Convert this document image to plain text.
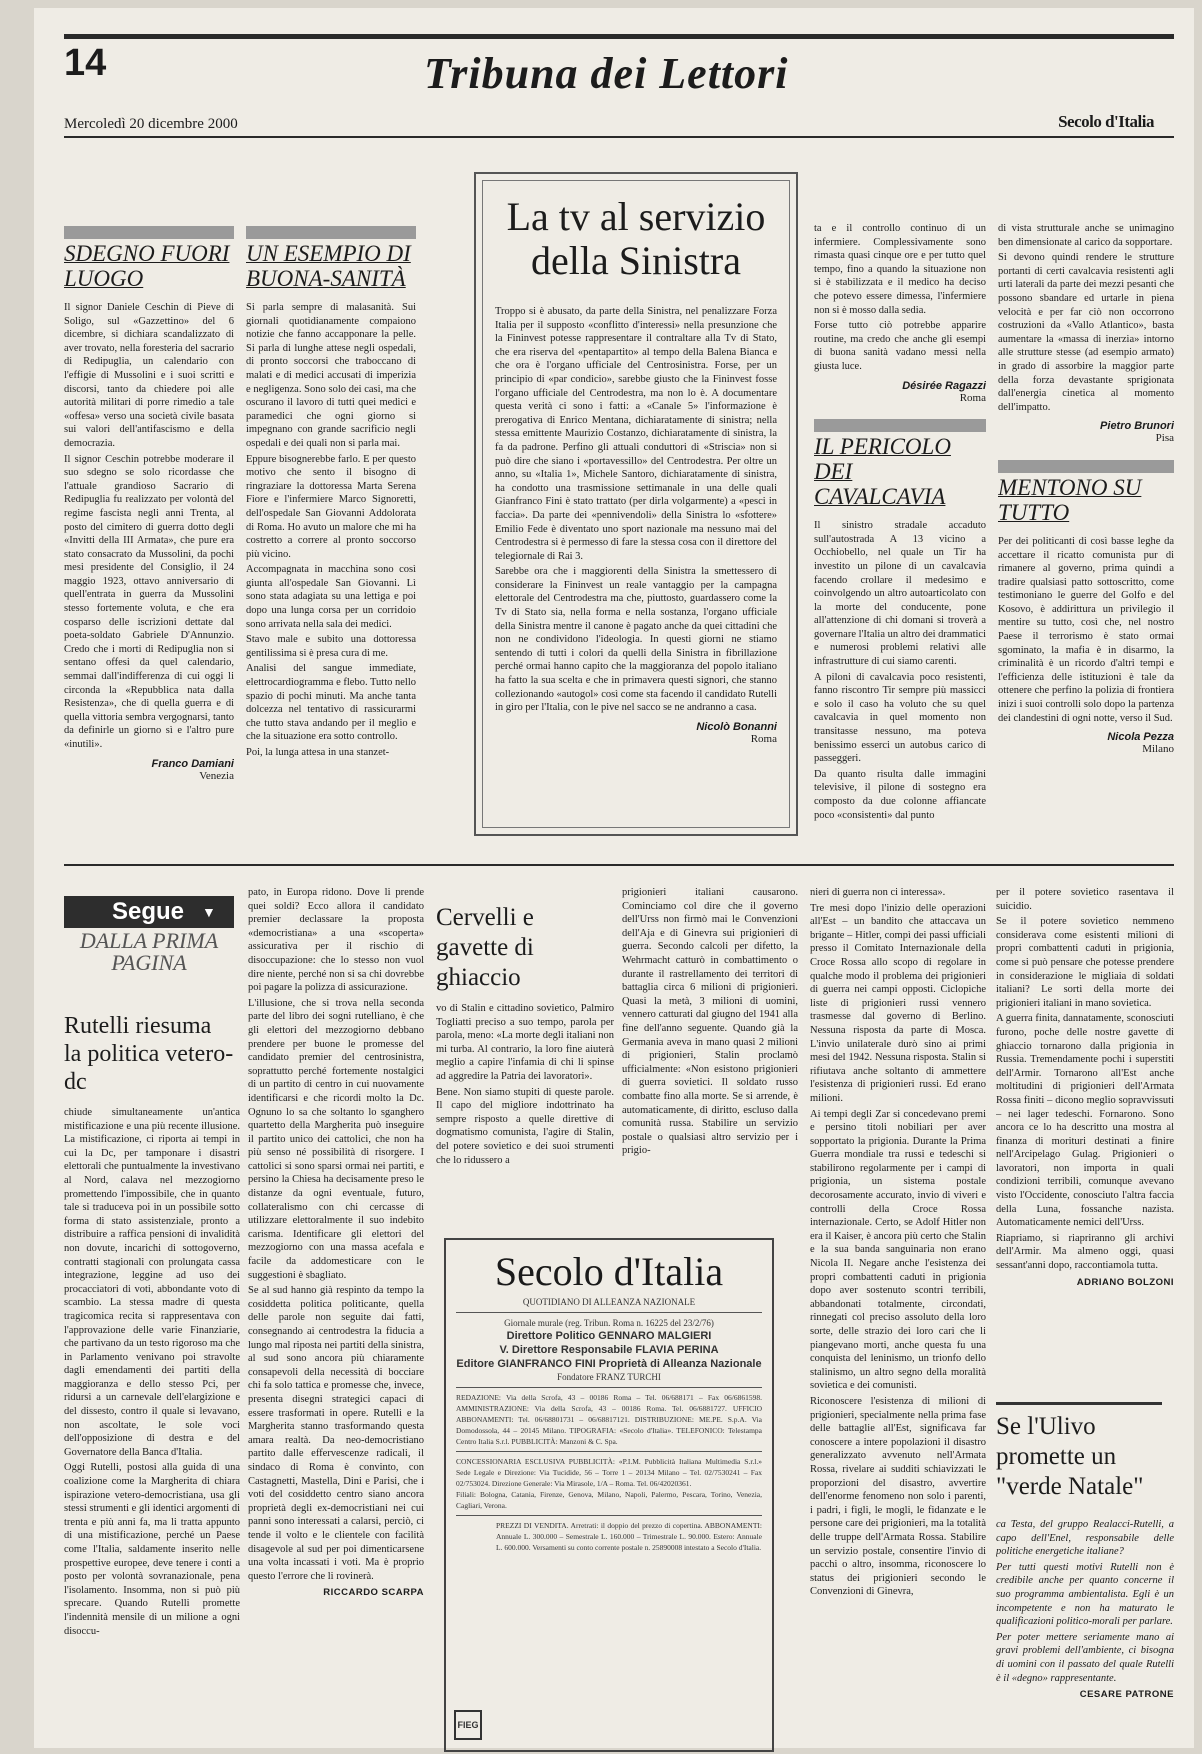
14	Tribuna dei Lettori
Mercoledì 20 dicembre 2000	Secolo d'Italia
SDEGNO FUORI LUOGO

Il signor Daniele Ceschin di Pieve di Soligo, sul «Gazzettino» del 6 dicembre, si dichiara scandalizzato di aver trovato, nella foresteria del sacrario di Redipuglia, un calendario con l'effigie di Mussolini e i suoi scritti e discorsi, tanto da chiedere poi alle autorità militari di porre rimedio a tale «offesa» verso una società civile basata sui valori dell'antifascismo e della democrazia.

Il signor Ceschin potrebbe moderare il suo sdegno se solo ricordasse che l'attuale grandioso Sacrario di Redipuglia fu realizzato per volontà del regime fascista negli anni Trenta, al posto del cimitero di guerra dotto degli «Invitti della III Armata», che pure era stato consacrato da Mussolini, da pochi mesi presidente del Consiglio, il 24 maggio 1923, ottavo anniversario di quell'entrata in guerra da Mussolini stesso fortemente voluta, e che era cosparso delle iscrizioni dettate dal poeta-soldato Gabriele D'Annunzio. Credo che i morti di Redipuglia non si sentano offesi da quel calendario, semmai dall'indifferenza di cui oggi li circonda la «Repubblica nata dalla Resistenza», che di quella guerra e di quella vittoria sembra vergognarsi, tanto da definirle un giorno sì e l'altro pure «inutili».

Franco Damiani
Venezia
UN ESEMPIO DI BUONA-SANITÀ

Si parla sempre di malasanità. Sui giornali quotidianamente compaiono notizie che fanno accapponare la pelle. Si parla di lunghe attese negli ospedali, di pronto soccorsi che traboccano di malati e di medici accusati di imperizia e negligenza. Sono solo dei casi, ma che oscurano il lavoro di tutti quei medici e paramedici che ogni giorno si impegnano con grande sacrificio negli ospedali e dei quali non si parla mai.

Eppure bisognerebbe farlo. E per questo motivo che sento il bisogno di ringraziare la dottoressa Marta Serena Fiore e l'infermiere Marco Signoretti, dell'ospedale San Giovanni Addolorata di Roma. Ho avuto un malore che mi ha costretto a correre al pronto soccorso più vicino.

Accompagnata in macchina sono così giunta all'ospedale San Giovanni. Lì sono stata adagiata su una lettiga e poi dopo una lunga corsa per un corridoio sono arrivata nella sala dei medici.

Stavo male e subito una dottoressa gentilissima si è presa cura di me.

Analisi del sangue immediate, elettrocardiogramma e flebo. Tutto nello spazio di pochi minuti. Ma anche tanta dolcezza nel tentativo di rassicurarmi che tutto stava andando per il meglio e che la situazione era sotto controllo.

Poi, la lunga attesa in una stanzet-

La tv al servizio della Sinistra

Troppo si è abusato, da parte della Sinistra, nel penalizzare Forza Italia per il supposto «conflitto d'interessi» nella presunzione che la Fininvest potesse rappresentare il contraltare alla Tv di Stato, che era riserva del «pentapartito» al tempo della Balena Bianca e che ora è l'organo ufficiale del Centrosinistra. Forse, per un principio di «par condicio», sarebbe giusto che la Fininvest fosse l'organo ufficiale del Centrodestra, ma non lo è. A documentare questa verità ci sono i fatti: a «Canale 5» l'informazione è prerogativa di Enrico Mentana, dichiaratamente di sinistra; nella stessa emittente Maurizio Costanzo, dichiaratamente di sinistra, la fa da padrone. Perfino gli attuali conduttori di «Striscia» non si può dire che siano i «portavessillo» del Centrodestra. Per oltre un anno, su «Italia 1», Michele Santoro, dichiaratamente di sinistra, ha condotto una trasmissione settimanale in una delle quali Gianfranco Fini è stato trattato (per dirla volgarmente) a «pesci in faccia». Da parte dei «pennivendoli» della Sinistra lo «sfottere» Emilio Fede è diventato uno sport nazionale ma nessuno mai del Centrodestra si è permesso di fare la stessa cosa con il direttore del telegiornale di Rai 3.

Sarebbe ora che i maggiorenti della Sinistra la smettessero di considerare la Fininvest un reale vantaggio per la campagna elettorale del Centrodestra ma che, piuttosto, guardassero come la Tv di Stato sia, nella forma e nella sostanza, l'organo ufficiale della Sinistra mentre il canone è pagato anche da quei cittadini che non ne condividono l'ideologia. In questi giorni ne stiamo sentendo di tutti i colori da quelli della Sinistra in fibrillazione perché ormai hanno capito che la maggioranza del popolo italiano ha fatto la sua scelta e che in primavera questi signori, che stanno collezionando «autogol» così come sta facendo il candidato Rutelli in giro per l'Italia, con le pive nel sacco se ne andranno a casa.

Nicolò Bonanni
Roma

ta e il controllo continuo di un infermiere. Complessivamente sono rimasta quasi cinque ore e per tutto quel tempo, fino a quando la situazione non si è stabilizzata e il medico ha deciso che potevo essere dimessa, l'infermiere non si è mosso dalla sedia.

Forse tutto ciò potrebbe apparire routine, ma credo che anche gli esempi di buona sanità vadano messi nella giusta luce.

Désirée Ragazzi
Roma
IL PERICOLO DEI CAVALCAVIA

Il sinistro stradale accaduto sull'autostrada A 13 vicino a Occhiobello, nel quale un Tir ha investito un pilone di un cavalcavia facendo crollare il medesimo e coinvolgendo un altro autoarticolato con la morte del conducente, pone all'attenzione di chi domani si troverà a governare l'Italia un altro dei drammatici e numerosi problemi relativi alle infrastrutture di cui siamo carenti.

A piloni di cavalcavia poco resistenti, fanno riscontro Tir sempre più massicci e solo il caso ha voluto che su quel cavalcavia in quel momento non transitasse nessuno, ma poteva benissimo esserci un autobus carico di passeggeri.

Da quanto risulta dalle immagini televisive, il pilone di sostegno era composto da due colonne affiancate poco «consistenti» dal punto

di vista strutturale anche se unimagino ben dimensionate al carico da sopportare.

Si devono quindi rendere le strutture portanti di certi cavalcavia resistenti agli urti laterali da parte dei mezzi pesanti che possono sbandare ed urtarle in piena velocità e per far ciò non occorrono costruzioni da «Vallo Atlantico», basta aumentare la «massa di inerzia» intorno alle strutture stesse (ad esempio armato) in grado di assorbire la maggior parte della forza devastante sprigionata dall'energia cinetica al momento dell'impatto.

Pietro Brunori
Pisa
MENTONO SU TUTTO

Per dei politicanti di così basse leghe da accettare il ricatto comunista pur di rimanere al governo, prima quindi a tradire qualsiasi patto sottoscritto, come testimoniano le guerre del Golfo e del Kosovo, è addirittura un privilegio il mentire su tutto, così che, nel nostro Paese il terrorismo è stato ormai sgominato, la mafia è in disarmo, la criminalità è un ricordo d'altri tempi e l'efficienza delle istituzioni è tale da ottenere che perfino la polizia di frontiera inizi i suoi controlli solo dopo la partenza dei clandestini di ogni notte, verso il Sud.

Nicola Pezza
Milano
Segue ▼
DALLA PRIMA PAGINA
Rutelli riesuma la politica vetero-dc

chiude simultaneamente un'antica mistificazione e una più recente illusione. La mistificazione, ci riporta ai tempi in cui la Dc, per tamponare i disastri elettorali che puntualmente la investivano al Nord, calava nel mezzogiorno promettendo l'impossibile, che in quanto tale si traduceva poi in un possibile sotto forma di stato assistenziale, pronto a distribuire a raffica pensioni di invalidità non dovute, incarichi di sottogoverno, contratti stagionali con prolungata cassa integrazione, leggine ad uso dei procacciatori di voti, abbondante voto di scambio. La stessa madre di questa tragicomica recita si rappresentava con l'approvazione delle varie Finanziarie, che partivano da un testo rigoroso ma che in Parlamento venivano poi stravolte dagli emendamenti dei partiti della maggioranza e dello stesso Pci, per ridursi a un carnevale dell'elargizione e del dissesto, contro il quale si levavano, non ascoltate, le sole voci dell'opposizione di destra e del Governatore della Banca d'Italia.

Oggi Rutelli, postosi alla guida di una coalizione come la Margherita di chiara ispirazione vetero-democristiana, usa gli stessi strumenti e gli identici argomenti di trenta e più anni fa, ma li tratta appunto di una mistificazione, perché un Paese come l'Italia, saldamente inserito nelle prospettive europee, deve tenere i conti a posto per volontà sovranazionale, pena l'isolamento. Insomma, non si può più sprecare. Quando Rutelli promette l'indennità mensile di un milione a ogni disoccu-

pato, in Europa ridono. Dove li prende quei soldi? Ecco allora il candidato premier declassare la proposta «democristiana» a una «scoperta» assicurativa per il rischio di disoccupazione: che lo stesso non vuol dire niente, perché non si sa chi dovrebbe poi pagare la polizza di assicurazione.

L'illusione, che si trova nella seconda parte del libro dei sogni rutelliano, è che gli elettori del mezzogiorno debbano prendere per buone le promesse del candidato premier del centrosinistra, soprattutto perché fortemente nostalgici di un partito di centro in cui nuovamente identificarsi e che ricordi molto la Dc. Ognuno lo sa che soltanto lo sganghero quartetto della Margherita può inseguire il partito unico dei cattolici, che non ha più senso né possibilità di risorgere. I cattolici si sono sparsi ormai nei partiti, e persino la Chiesa ha decisamente preso le distanze da ogni eventuale, futuro, collateralismo con chi cercasse di utilizzare elettoralmente il suo indebito carisma. Identificare gli elettori del mezzogiorno con una massa acefala e facile da addomesticare con le suggestioni è sbagliato.

Se al sud hanno già respinto da tempo la cosiddetta politica politicante, quella delle parole non seguite dai fatti, consegnando ai centrodestra la fiducia a lungo mal riposta nei partiti della sinistra, al sud sono ancora più chiaramente consapevoli della necessità di bocciare chi fa solo tattica e promesse che, invece, presenta disegni strategici capaci di essere trasformati in opere. Rutelli e la Margherita stanno trasformando questa amara realtà. Da neo-democristiano partito dalle effervescenze radicali, il sindaco di Roma è convinto, con Castagnetti, Mastella, Dini e Parisi, che i voti del cosiddetto centro siano ancora proprietà degli ex-democristiani nei cui panni sono interessati a calarsi, perciò, ci tende il volto e le clientele con facilità disagevole al sud per poi dimenticarsene una volta incassati i voti. Ma è proprio questo l'errore che li rovinerà.

RICCARDO SCARPA
Cervelli e gavette di ghiaccio

vo di Stalin e cittadino sovietico, Palmiro Togliatti preciso a suo tempo, parola per parola, meno: «La morte degli italiani non mi turba. Al contrario, la loro fine aiuterà meglio a capire l'infamia di chi li spinse ad aggredire la Patria dei lavoratori».

Bene. Non siamo stupiti di queste parole. Il capo del migliore indottrinato ha sempre risposto a quelle direttive di dogmatismo comunista, l'agire di Stalin, del potere sovietico e dei suoi strumenti che lo ridussero a

prigionieri italiani causarono. Cominciamo col dire che il governo dell'Urss non firmò mai le Convenzioni dell'Aja e di Ginevra sui prigionieri di guerra. Secondo calcoli per difetto, la Wehrmacht catturò in combattimento o durante il rastrellamento dei territori di battaglia circa 6 milioni di prigionieri. Quasi la metà, 3 milioni di uomini, vennero catturati dal giugno del 1941 alla fine dell'anno seguente. Quando già la Germania aveva in mano quasi 2 milioni di prigionieri, Stalin proclamò ufficialmente: «Non esistono prigionieri di guerra sovietici. Il soldato russo combatte fino alla morte. Se si arrende, è automaticamente, di diritto, escluso dalla comunità russa. Stabilire un servizio postale o qualsiasi altro servizio per i prigio-

nieri di guerra non ci interessa».

Tre mesi dopo l'inizio delle operazioni all'Est – un bandito che attaccava un brigante – Hitler, compì dei passi ufficiali presso il Comitato Internazionale della Croce Rossa allo scopo di regolare in qualche modo il problema dei prigionieri di guerra nei campi opposti. Ciclopiche liste di prigionieri russi vennero trasmesse dal governo di Berlino. Nessuna risposta da parte di Mosca. L'invio unilaterale durò sino ai primi mesi del 1942. Nessuna risposta. Stalin si rifiutava anche soltanto di ammettere l'esistenza di prigionieri russi. Ed erano milioni.

Ai tempi degli Zar si concedevano premi e persino titoli nobiliari per aver sopportato la prigionia. Durante la Prima Guerra mondiale tra russi e tedeschi si stabilirono regolarmente per i campi di prigionia, un sistema postale decorosamente accurato, invio di viveri e controlli della Croce Rossa internazionale. Certo, se Adolf Hitler non era il Kaiser, è ancora più certo che Stalin e la sua banda sanguinaria non erano Nicola II. Negare anche l'esistenza dei propri combattenti caduti in prigionia dopo aver sostenuto scontri terribili, abbandonati totalmente, circondati, rinnegati col preciso assoluto della loro sorte, delle strazio dei loro cari che li piangevano morti, anche questa fu una conquista del leninismo, un trionfo dello stalinismo, un altro segno della moralità sovietica e dei comunisti.

Riconoscere l'esistenza di milioni di prigionieri, specialmente nella prima fase delle battaglie all'Est, significava far conoscere a intere popolazioni il disastro generalizzato avvenuto nell'Armata Rossa, rivelare ai sudditi schiavizzati le proporzioni del disastro, avvertire dell'enorme fenomeno non solo i parenti, i padri, i figli, le mogli, le fidanzate e le persone care dei prigionieri, ma la totalità delle truppe dell'Armata Rossa. Stabilire un servizio postale, consentire l'invio di pacchi o altro, insomma, riconoscere lo status dei prigionieri secondo le Convenzioni di Ginevra,

per il potere sovietico rasentava il suicidio.

Se il potere sovietico nemmeno considerava come esistenti milioni di propri combattenti caduti in prigionia, come si può pensare che potesse prendere in considerazione le migliaia di soldati italiani? Le sorti della morte dei prigionieri italiani in mano sovietica.

A guerra finita, dannatamente, sconosciuti furono, poche delle nostre gavette di ghiaccio tornarono dalla prigionia in Russia. Tremendamente pochi i superstiti dell'Armir. Tornarono all'Est anche moltitudini di prigionieri dell'Armata Rossa finiti – dicono meglio sopravvissuti – nei lager tedeschi. Fornarono. Sono ancora ce lo ha descritto una mostra al finanza di morituri destinati a finire nell'Arcipelago Gulag. Prigionieri o lavoratori, non importa in quali condizioni terribili, comunque avevano visto l'Occidente, conosciuto l'altra faccia della Luna, fossanche nazista. Automaticamente nemici dell'Urss.

Riapriamo, si riapriranno gli archivi dell'Armir. Ma almeno oggi, quasi sessant'anni dopo, raccontiamola tutta.

ADRIANO BOLZONI
Se l'Ulivo promette un "verde Natale"

ca Testa, del gruppo Realacci-Rutelli, a capo dell'Enel, responsabile delle politiche energetiche italiane?

Per tutti questi motivi Rutelli non è credibile anche per quanto concerne il suo programma ambientalista. Egli è un incompetente e non ha maturato le qualificazioni politico-morali per parlare.

Per poter mettere seriamente mano ai gravi problemi dell'ambiente, ci bisogna di uomini con il passato del quale Rutelli è il «degno» rappresentante.

CESARE PATRONE
Secolo d'Italia
QUOTIDIANO DI ALLEANZA NAZIONALE
Giornale murale (reg. Tribun. Roma n. 16225 del 23/2/76)
Direttore Politico GENNARO MALGIERI
V. Direttore Responsabile FLAVIA PERINA
Editore GIANFRANCO FINI Proprietà di Alleanza Nazionale
Fondatore FRANZ TURCHI
REDAZIONE: Via della Scrofa, 43 – 00186 Roma – Tel. 06/688171 – Fax 06/6861598. AMMINISTRAZIONE: Via della Scrofa, 43 – 00186 Roma. Tel. 06/6881727. UFFICIO ABBONAMENTI: Tel. 06/68801731 – 06/68817121. DISTRIBUZIONE: ME.PE. S.p.A. Via Domodossola, 44 – 20145 Milano. TIPOGRAFIA: «Secolo d'Italia». TELEFONICO: Telestampa Centro Italia S.r.l. PUBBLICITÀ: Manzoni & C. Spa.
CONCESSIONARIA ESCLUSIVA PUBBLICITÀ: «P.I.M. Pubblicità Italiana Multimedia S.r.l.» Sede Legale e Direzione: Via Tucidide, 56 – Torre 1 – 20134 Milano – Tel. 02/7530241 – Fax 02/753024. Direzione Generale: Via Mirasole, 1/A – Roma. Tel. 06/42020361.
Filiali: Bologna, Catania, Firenze, Genova, Milano, Napoli, Palermo, Pescara, Torino, Venezia, Cagliari, Verona.
PREZZI DI VENDITA. Arretrati: il doppio del prezzo di copertina. ABBONAMENTI: Annuale L. 300.000 – Semestrale L. 160.000 – Trimestrale L. 90.000. Estero: Annuale L. 600.000. Versamenti su conto corrente postale n. 25890008 intestato a Secolo d'Italia.
FIEG
